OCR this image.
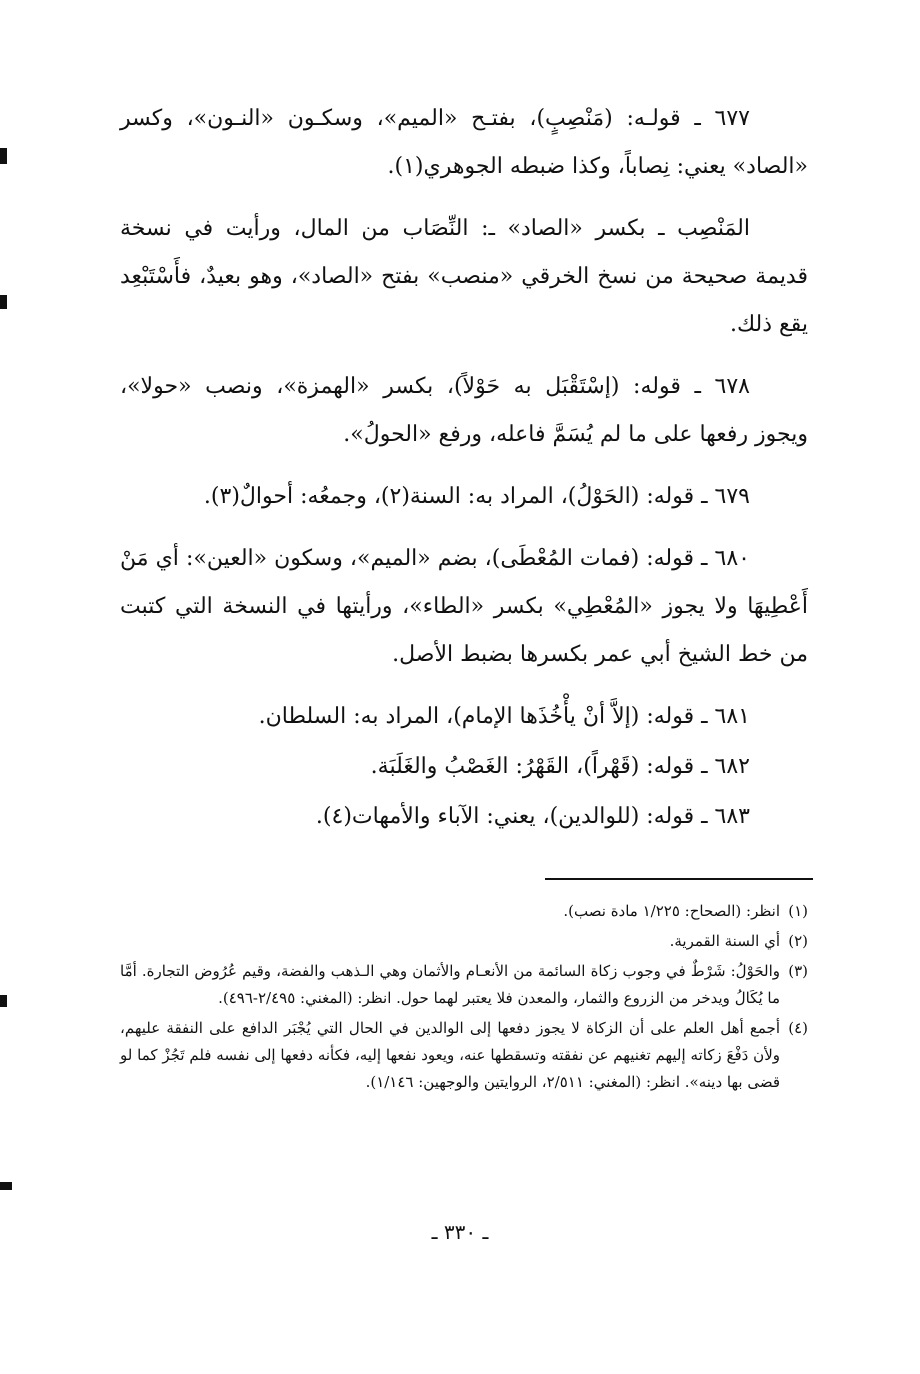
٦٧٧ ـ قولـه: (مَنْصِبٍ)، بفتـح «الميم»، وسكـون «النـون»، وكسر «الصاد» يعني: نِصاباً، وكذا ضبطه الجوهري(١).

المَنْصِب ـ بكسر «الصاد» ـ: النِّصَاب من المال، ورأيت في نسخة قديمة صحيحة من نسخ الخرقي «منصب» بفتح «الصاد»، وهو بعيدٌ، فأَسْتَبْعِد يقع ذلك.

٦٧٨ ـ قوله: (إسْتَقْبَل به حَوْلاً)، بكسر «الهمزة»، ونصب «حولا»، ويجوز رفعها على ما لم يُسَمَّ فاعله، ورفع «الحولُ».

٦٧٩ ـ قوله: (الحَوْلُ)، المراد به: السنة(٢)، وجمعُه: أحوالٌ(٣).

٦٨٠ ـ قوله: (فمات المُعْطَى)، بضم «الميم»، وسكون «العين»: أي مَنْ أَعْطِيهَا ولا يجوز «المُعْطِي» بكسر «الطاء»، ورأيتها في النسخة التي كتبت من خط الشيخ أبي عمر بكسرها بضبط الأصل.

٦٨١ ـ قوله: (إلاَّ أنْ يأْخُذَها الإمام)، المراد به: السلطان.

٦٨٢ ـ قوله: (قَهْراً)، القَهْرُ: الغَصْبُ والغَلَبَة.

٦٨٣ ـ قوله: (للوالدين)، يعني: الآباء والأمهات(٤).

(١)
انظر: (الصحاح: ١/٢٢٥ مادة نصب).
(٢)
أي السنة القمرية.
(٣)
والحَوْلُ: شَرْطٌ في وجوب زكاة السائمة من الأنعـام والأثمان وهي الـذهب والفضة، وقيم عُرُوض التجارة. أمَّا ما يُكَالُ ويدخر من الزروع والثمار، والمعدن فلا يعتبر لهما حول. انظر: (المغني: ٢/٤٩٥-٤٩٦).
(٤)
أجمع أهل العلم على أن الزكاة لا يجوز دفعها إلى الوالدين في الحال التي يُجْبَر الدافع على النفقة عليهم، ولأن دَفْعَ زكاته إليهم تغنيهم عن نفقته وتسقطها عنه، ويعود نفعها إليه، فكأنه دفعها إلى نفسه فلم تَجُزْ كما لو قضى بها دينه». انظر: (المغني: ٢/٥١١، الروايتين والوجهين: ١/١٤٦).
ـ ٣٣٠ ـ
